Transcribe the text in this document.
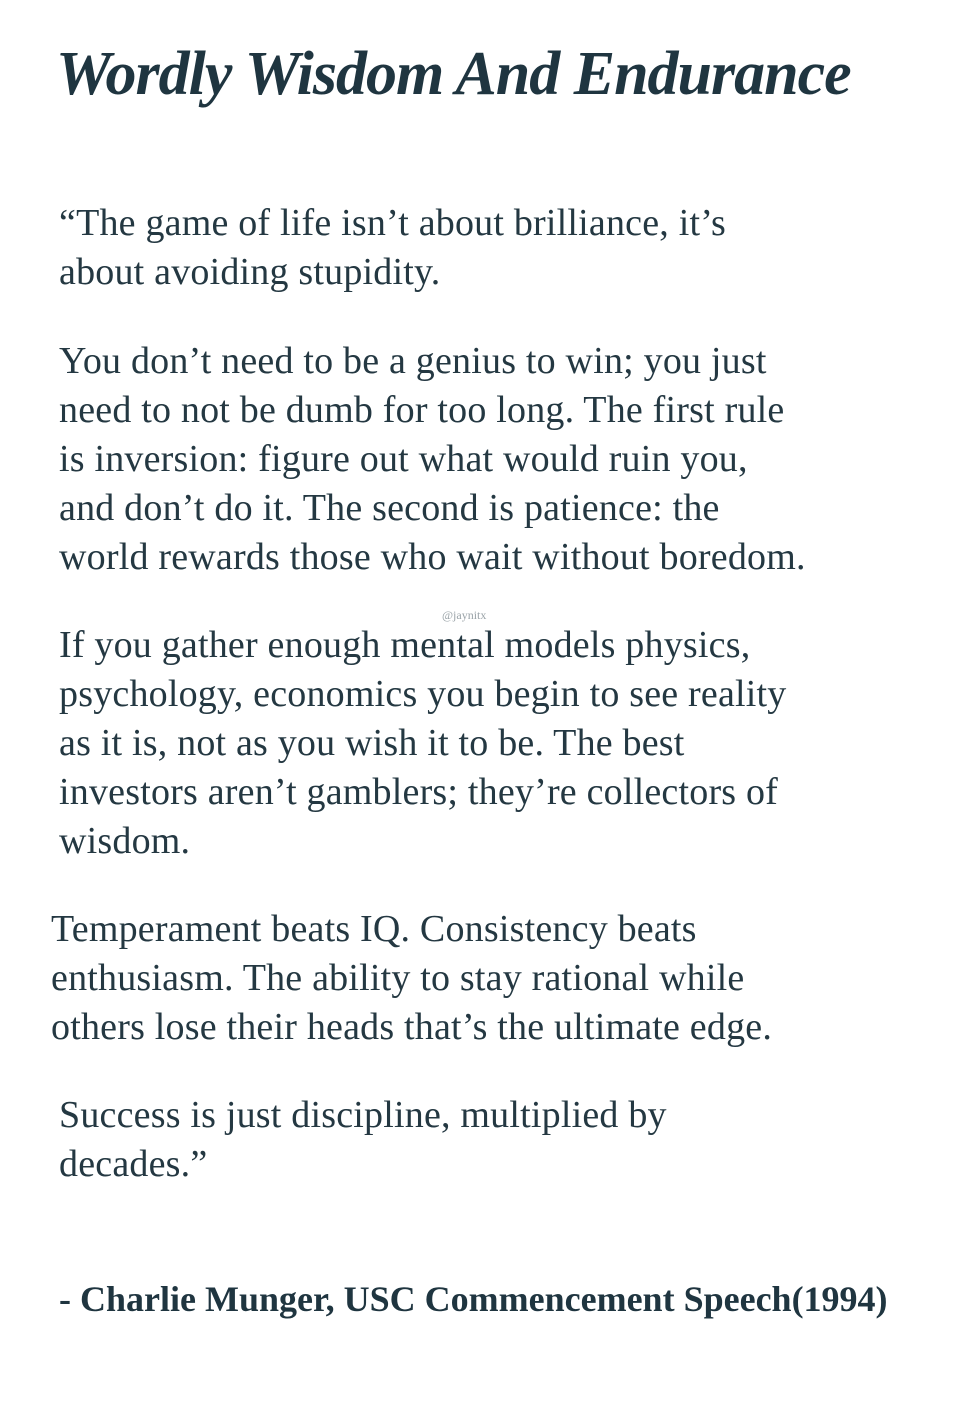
Wordly Wisdom And Endurance

“The game of life isn’t about brilliance, it’s
about avoiding stupidity.

You don’t need to be a genius to win; you just
need to not be dumb for too long. The first rule
is inversion: figure out what would ruin you,
and don’t do it. The second is patience: the
world rewards those who wait without boredom.

@jaynitx

If you gather enough mental models physics,
psychology, economics you begin to see reality
as it is, not as you wish it to be. The best
investors aren’t gamblers; they’re collectors of
wisdom.

Temperament beats IQ. Consistency beats
enthusiasm. The ability to stay rational while
others lose their heads that’s the ultimate edge.

Success is just discipline, multiplied by
decades.”

- Charlie Munger, USC Commencement Speech(1994)
